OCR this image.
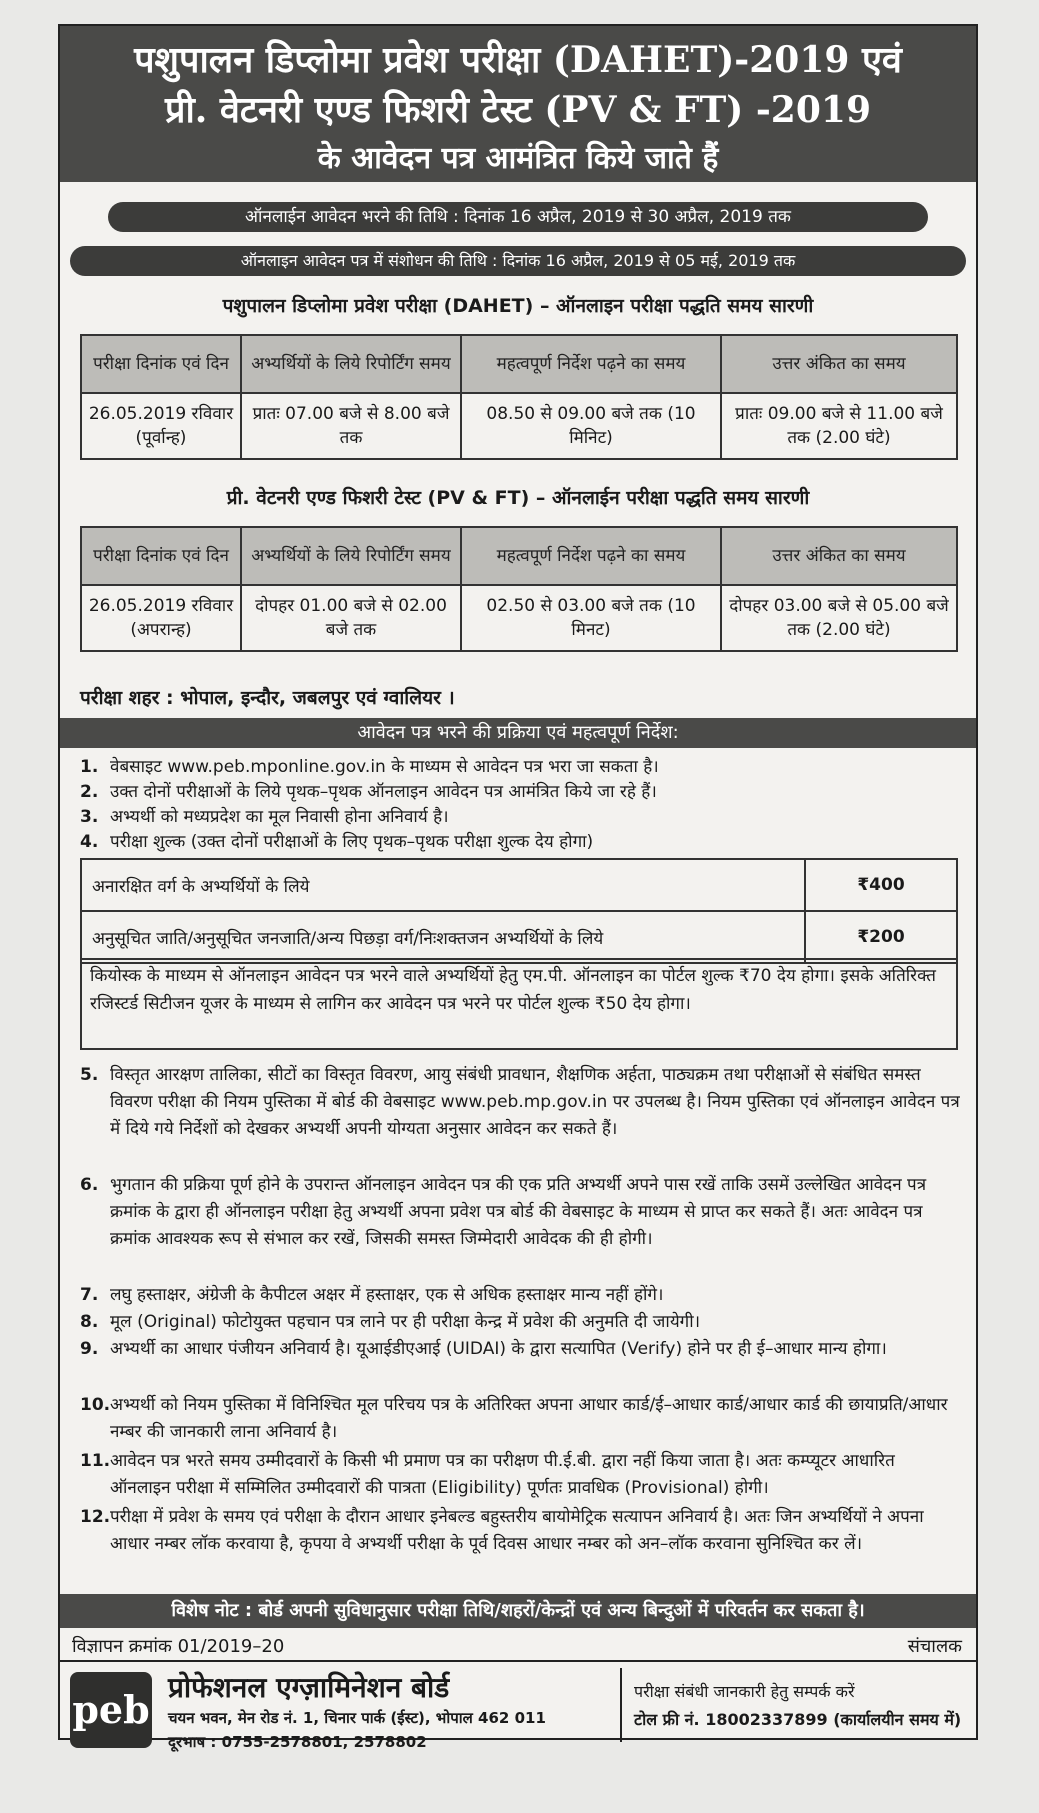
पशुपालन डिप्लोमा प्रवेश परीक्षा (DAHET)-2019 एवं
प्री. वेटनरी एण्ड फिशरी टेस्ट (PV & FT) -2019
के आवेदन पत्र आमंत्रित किये जाते हैं
ऑनलाईन आवेदन भरने की तिथि : दिनांक 16 अप्रैल, 2019 से 30 अप्रैल, 2019 तक
ऑनलाइन आवेदन पत्र में संशोधन की तिथि : दिनांक 16 अप्रैल, 2019 से 05 मई, 2019 तक
पशुपालन डिप्लोमा प्रवेश परीक्षा (DAHET) – ऑनलाइन परीक्षा पद्धति समय सारणी
परीक्षा दिनांक एवं दिन	अभ्यर्थियों के लिये रिपोर्टिंग समय	महत्वपूर्ण निर्देश पढ़ने का समय	उत्तर अंकित का समय
26.05.2019 रविवार (पूर्वान्ह)	प्रातः 07.00 बजे से 8.00 बजे तक	08.50 से 09.00 बजे तक (10 मिनिट)	प्रातः 09.00 बजे से 11.00 बजे तक (2.00 घंटे)
प्री. वेटनरी एण्ड फिशरी टेस्ट (PV & FT) – ऑनलाईन परीक्षा पद्धति समय सारणी
परीक्षा दिनांक एवं दिन	अभ्यर्थियों के लिये रिपोर्टिंग समय	महत्वपूर्ण निर्देश पढ़ने का समय	उत्तर अंकित का समय
26.05.2019 रविवार (अपरान्ह)	दोपहर 01.00 बजे से 02.00 बजे तक	02.50 से 03.00 बजे तक (10 मिनट)	दोपहर 03.00 बजे से 05.00 बजे तक (2.00 घंटे)
परीक्षा शहर : भोपाल, इन्दौर, जबलपुर एवं ग्वालियर ।
आवेदन पत्र भरने की प्रक्रिया एवं महत्वपूर्ण निर्देश:
1. वेबसाइट www.peb.mponline.gov.in के माध्यम से आवेदन पत्र भरा जा सकता है।
2. उक्त दोनों परीक्षाओं के लिये पृथक–पृथक ऑनलाइन आवेदन पत्र आमंत्रित किये जा रहे हैं।
3. अभ्यर्थी को मध्यप्रदेश का मूल निवासी होना अनिवार्य है।
4. परीक्षा शुल्क (उक्त दोनों परीक्षाओं के लिए पृथक–पृथक परीक्षा शुल्क देय होगा)
अनारक्षित वर्ग के अभ्यर्थियों के लिये	₹400
अनुसूचित जाति/अनुसूचित जनजाति/अन्य पिछड़ा वर्ग/निःशक्तजन अभ्यर्थियों के लिये	₹200
कियोस्क के माध्यम से ऑनलाइन आवेदन पत्र भरने वाले अभ्यर्थियों हेतु एम.पी. ऑनलाइन का पोर्टल शुल्क ₹70 देय होगा। इसके अतिरिक्त रजिस्टर्ड सिटीजन यूजर के माध्यम से लागिन कर आवेदन पत्र भरने पर पोर्टल शुल्क ₹50 देय होगा।
5. विस्तृत आरक्षण तालिका, सीटों का विस्तृत विवरण, आयु संबंधी प्रावधान, शैक्षणिक अर्हता, पाठ्यक्रम तथा परीक्षाओं से संबंधित समस्त विवरण परीक्षा की नियम पुस्तिका में बोर्ड की वेबसाइट www.peb.mp.gov.in पर उपलब्ध है। नियम पुस्तिका एवं ऑनलाइन आवेदन पत्र में दिये गये निर्देशों को देखकर अभ्यर्थी अपनी योग्यता अनुसार आवेदन कर सकते हैं।
6. भुगतान की प्रक्रिया पूर्ण होने के उपरान्त ऑनलाइन आवेदन पत्र की एक प्रति अभ्यर्थी अपने पास रखें ताकि उसमें उल्लेखित आवेदन पत्र क्रमांक के द्वारा ही ऑनलाइन परीक्षा हेतु अभ्यर्थी अपना प्रवेश पत्र बोर्ड की वेबसाइट के माध्यम से प्राप्त कर सकते हैं। अतः आवेदन पत्र क्रमांक आवश्यक रूप से संभाल कर रखें, जिसकी समस्त जिम्मेदारी आवेदक की ही होगी।
7. लघु हस्ताक्षर, अंग्रेजी के कैपीटल अक्षर में हस्ताक्षर, एक से अधिक हस्ताक्षर मान्य नहीं होंगे।
8. मूल (Original) फोटोयुक्त पहचान पत्र लाने पर ही परीक्षा केन्द्र में प्रवेश की अनुमति दी जायेगी।
9. अभ्यर्थी का आधार पंजीयन अनिवार्य है। यूआईडीएआई (UIDAI) के द्वारा सत्यापित (Verify) होने पर ही ई–आधार मान्य होगा।
10. अभ्यर्थी को नियम पुस्तिका में विनिश्चित मूल परिचय पत्र के अतिरिक्त अपना आधार कार्ड/ई–आधार कार्ड/आधार कार्ड की छायाप्रति/आधार नम्बर की जानकारी लाना अनिवार्य है।
11. आवेदन पत्र भरते समय उम्मीदवारों के किसी भी प्रमाण पत्र का परीक्षण पी.ई.बी. द्वारा नहीं किया जाता है। अतः कम्प्यूटर आधारित ऑनलाइन परीक्षा में सम्मिलित उम्मीदवारों की पात्रता (Eligibility) पूर्णतः प्रावधिक (Provisional) होगी।
12. परीक्षा में प्रवेश के समय एवं परीक्षा के दौरान आधार इनेबल्ड बहुस्तरीय बायोमेट्रिक सत्यापन अनिवार्य है। अतः जिन अभ्यर्थियों ने अपना आधार नम्बर लॉक करवाया है, कृपया वे अभ्यर्थी परीक्षा के पूर्व दिवस आधार नम्बर को अन–लॉक करवाना सुनिश्चित कर लें।
विशेष नोट : बोर्ड अपनी सुविधानुसार परीक्षा तिथि/शहरों/केन्द्रों एवं अन्य बिन्दुओं में परिवर्तन कर सकता है।
विज्ञापन क्रमांक 01/2019–20	संचालक
peb प्रोफेशनल एग्ज़ामिनेशन बोर्ड
चयन भवन, मेन रोड नं. 1, चिनार पार्क (ईस्ट), भोपाल 462 011
दूरभाष : 0755-2578801, 2578802
परीक्षा संबंधी जानकारी हेतु सम्पर्क करें
टोल फ्री नं. 18002337899 (कार्यालयीन समय में)
